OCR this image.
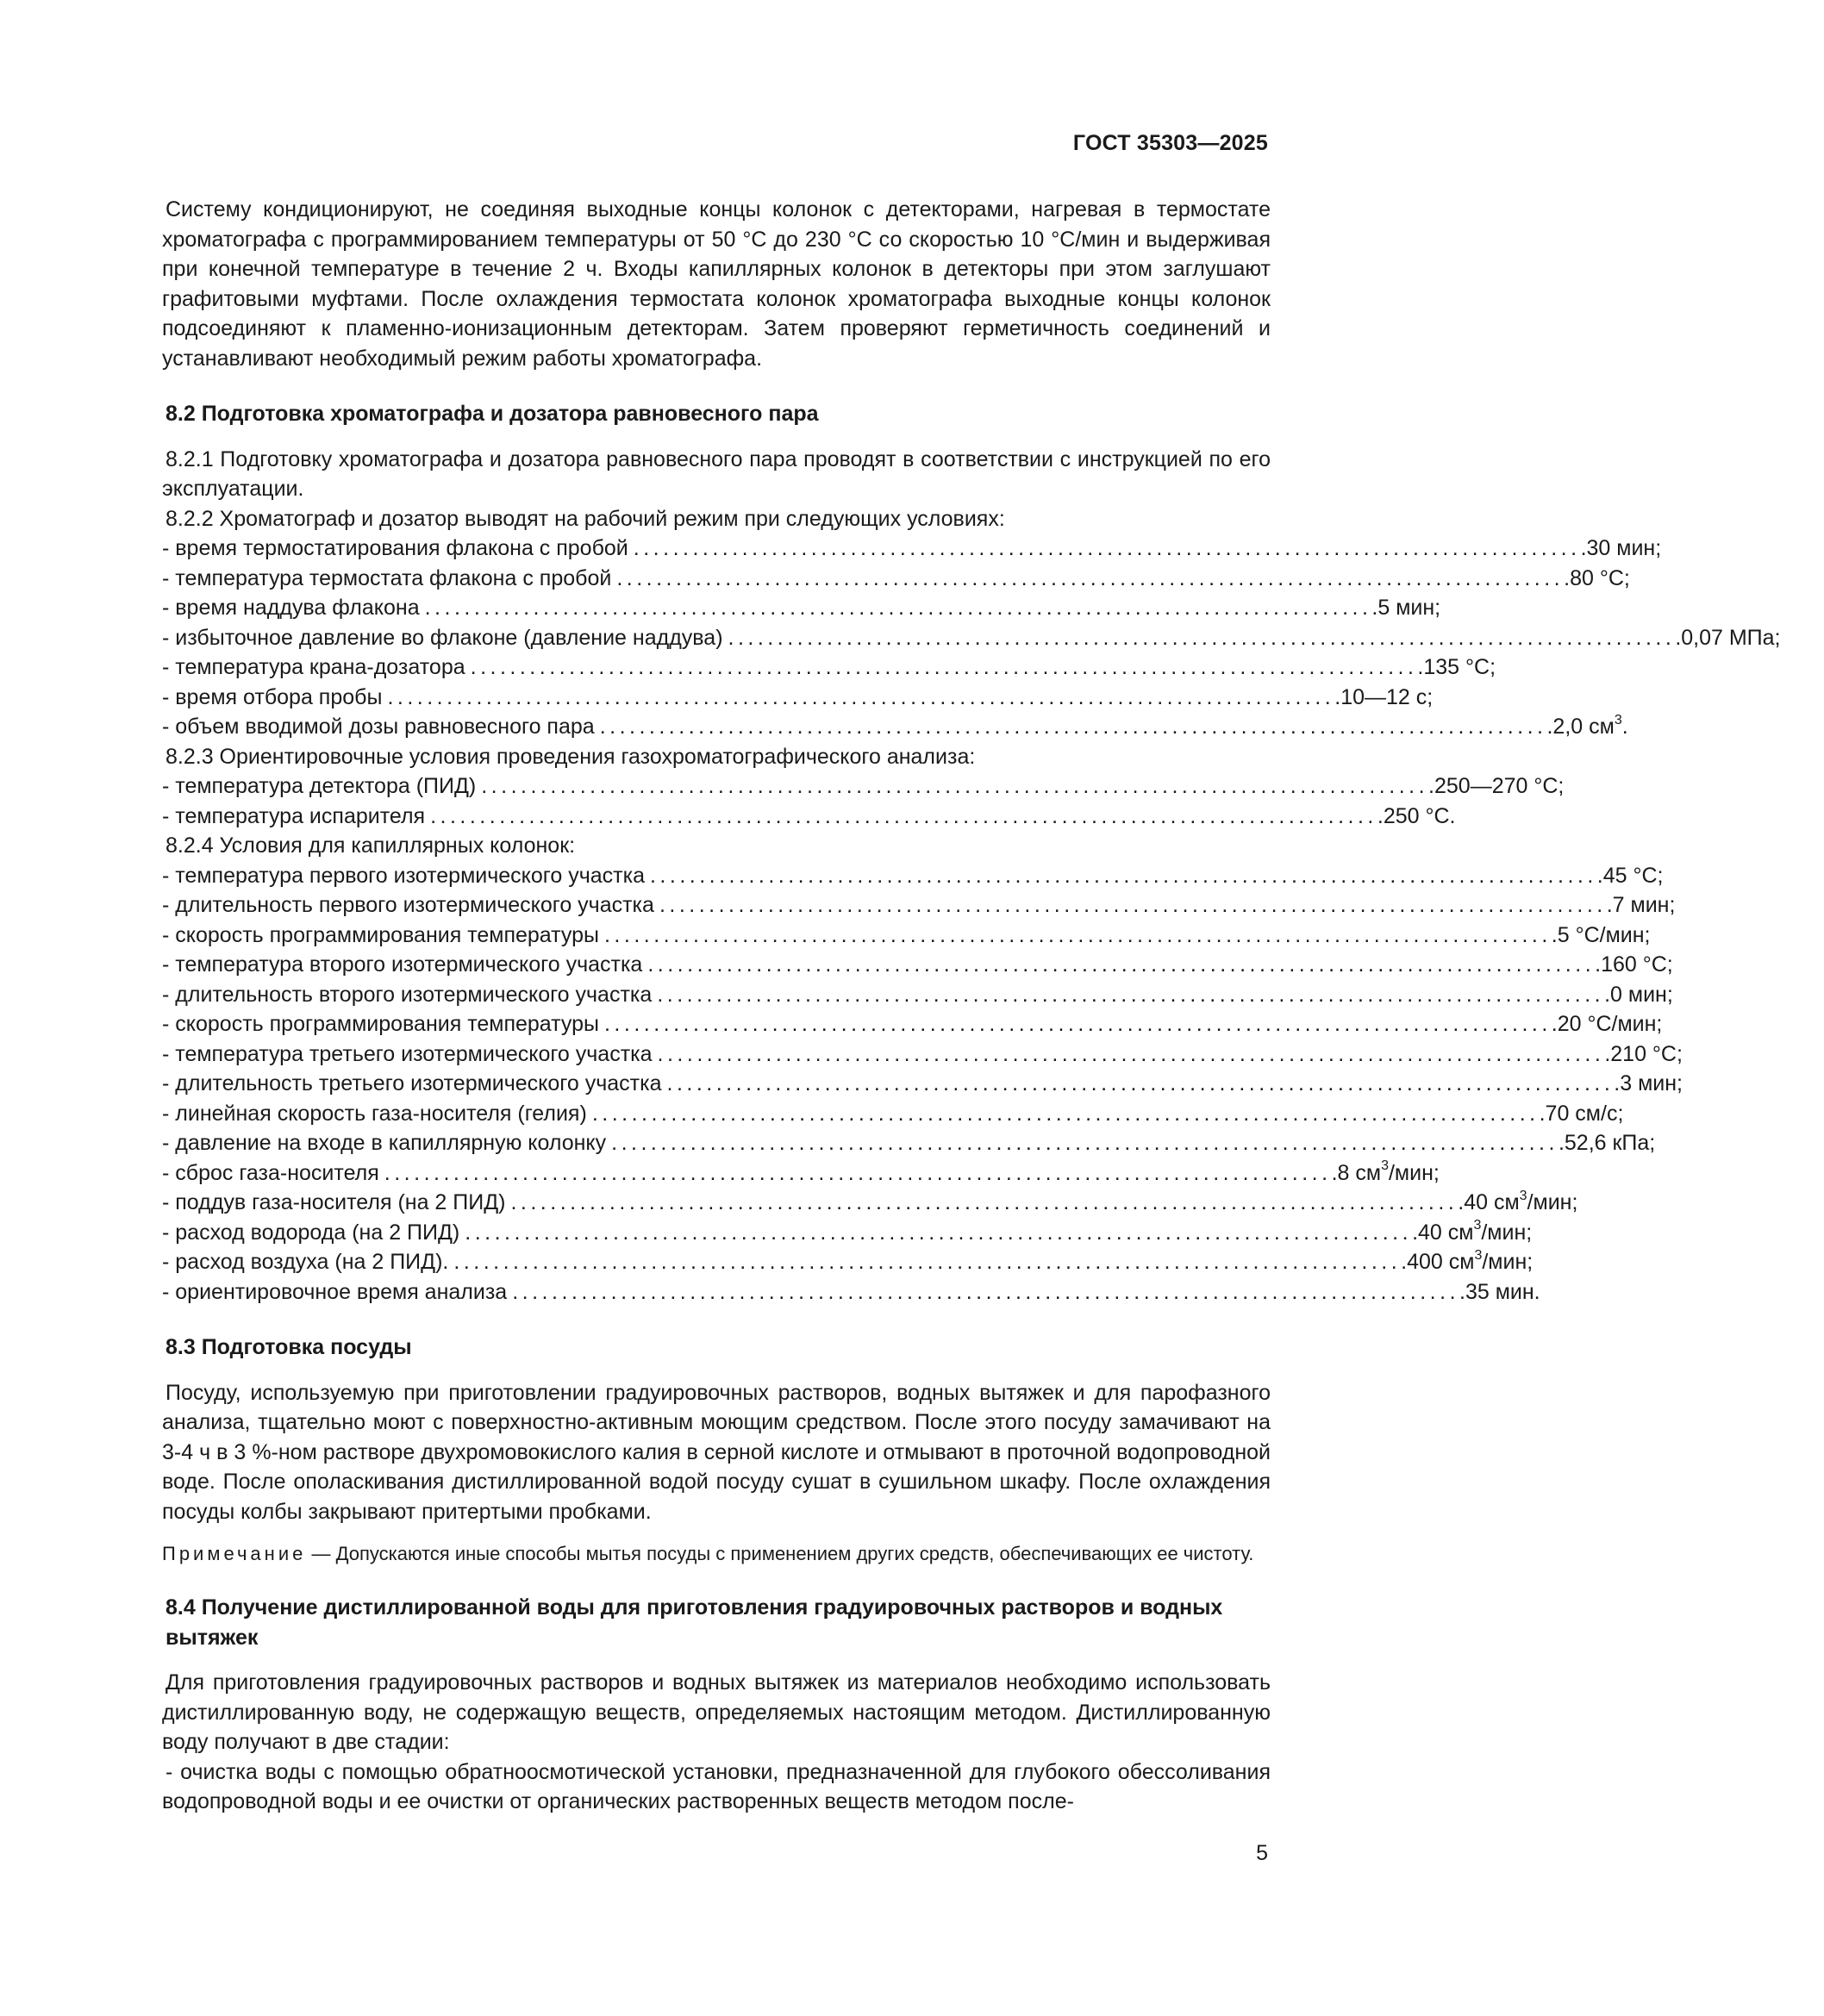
ГОСТ 35303—2025

Систему кондиционируют, не соединяя выходные концы колонок с детекторами, нагревая в термостате хроматографа с программированием температуры от 50 °С до 230 °С со скоростью 10 °С/мин и выдерживая при конечной температуре в течение 2 ч. Входы капиллярных колонок в детекторы при этом заглушают графитовыми муфтами. После охлаждения термостата колонок хроматографа выходные концы колонок подсоединяют к пламенно-ионизационным детекторам. Затем проверяют герметичность соединений и устанавливают необходимый режим работы хроматографа.

8.2 Подготовка хроматографа и дозатора равновесного пара

8.2.1 Подготовку хроматографа и дозатора равновесного пара проводят в соответствии с инструкцией по его эксплуатации.

8.2.2 Хроматограф и дозатор выводят на рабочий режим при следующих условиях:

- время термостатирования флакона с пробой ................................................................................................ .30 мин;
- температура термостата флакона с пробой ................................................................................................ .80 °С;
- время наддува флакона ................................................................................................ .5 мин;
- избыточное давление во флаконе (давление наддува) ................................................................................................ .0,07 МПа;
- температура крана-дозатора ................................................................................................ .135 °С;
- время отбора пробы ................................................................................................ .10—12 с;
- объем вводимой дозы равновесного пара ................................................................................................ .2,0 $см^3$.

8.2.3 Ориентировочные условия проведения газохроматографического анализа:

- температура детектора (ПИД) ................................................................................................ .250—270 °С;
- температура испарителя ................................................................................................ .250 °С.

8.2.4 Условия для капиллярных колонок:

- температура первого изотермического участка ................................................................................................ .45 °С;
- длительность первого изотермического участка ................................................................................................ .7 мин;
- скорость программирования температуры ................................................................................................ .5 °С/мин;
- температура второго изотермического участка ................................................................................................ .160 °С;
- длительность второго изотермического участка ................................................................................................ .0 мин;
- скорость программирования температуры ................................................................................................ .20 °С/мин;
- температура третьего изотермического участка ................................................................................................ .210 °С;
- длительность третьего изотермического участка ................................................................................................ .3 мин;
- линейная скорость газа-носителя (гелия) ................................................................................................ .70 см/с;
- давление на входе в капиллярную колонку ................................................................................................ .52,6 кПа;
- сброс газа-носителя ................................................................................................ .8 $см^3$/мин;
- поддув газа-носителя (на 2 ПИД) ................................................................................................ .40 $см^3$/мин;
- расход водорода (на 2 ПИД) ................................................................................................ .40 $см^3$/мин;
- расход воздуха (на 2 ПИД). ................................................................................................ .400 $см^3$/мин;
- ориентировочное время анализа ................................................................................................ .35 мин.
8.3 Подготовка посуды

Посуду, используемую при приготовлении градуировочных растворов, водных вытяжек и для парофазного анализа, тщательно моют с поверхностно-активным моющим средством. После этого посуду замачивают на 3-4 ч в 3 %-ном растворе двухромовокислого калия в серной кислоте и отмывают в проточной водопроводной воде. После ополаскивания дистиллированной водой посуду сушат в сушильном шкафу. После охлаждения посуды колбы закрывают притертыми пробками.

Примечание — Допускаются иные способы мытья посуды с применением других средств, обеспечивающих ее чистоту.

8.4 Получение дистиллированной воды для приготовления градуировочных растворов и водных вытяжек

Для приготовления градуировочных растворов и водных вытяжек из материалов необходимо использовать дистиллированную воду, не содержащую веществ, определяемых настоящим методом. Дистиллированную воду получают в две стадии:

- очистка воды с помощью обратноосмотической установки, предназначенной для глубокого обессоливания водопроводной воды и ее очистки от органических растворенных веществ методом после-

5
